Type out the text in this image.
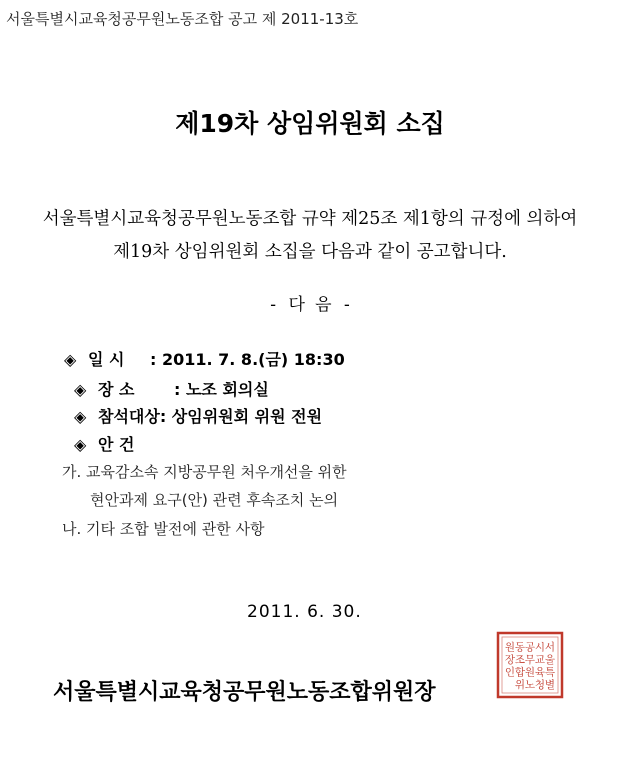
서울특별시교육청공무원노동조합 공고 제 2011-13호
제19차 상임위원회 소집
서울특별시교육청공무원노동조합 규약 제25조 제1항의 규정에 의하여
제19차 상임위원회 소집을 다음과 같이 공고합니다.
- 다 음 -
◈ 일 시	: 2011. 7. 8.(금) 18:30
◈ 장 소	: 노조 회의실
◈ 참석대상 : 상임위원회 위원 전원
◈ 안 건
가. 교육감소속 지방공무원 처우개선을 위한
현안과제 요구(안) 관련 후속조치 논의
나. 기타 조합 발전에 관한 사항
2011. 6. 30.
서울특별시교육청공무원노동조합위원장
서
울
특
별
시
교
육
청
공
무
원
노
동
조
합
위
원
장
인
